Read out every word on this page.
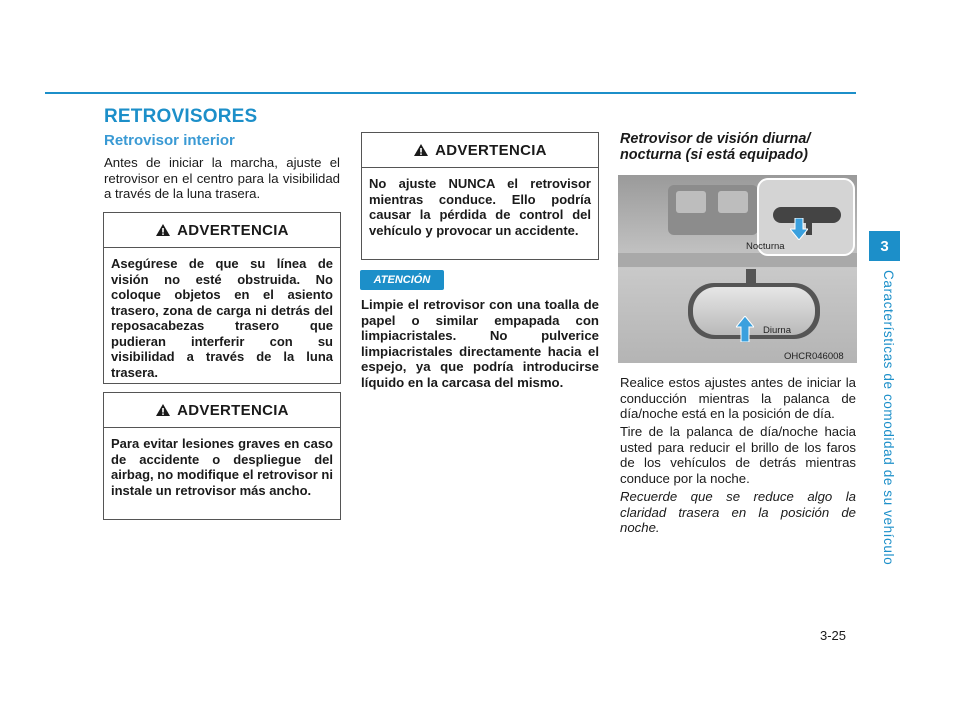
RETROVISORES
Retrovisor interior

Antes de iniciar la marcha, ajuste el retrovisor en el centro para la visibilidad a través de la luna trasera.

ADVERTENCIA
Asegúrese de que su línea de visión no esté obstruida. No coloque objetos en el asiento trasero, zona de carga ni detrás del reposacabezas trasero que pudieran interferir con su visibilidad a través de la luna trasera.
ADVERTENCIA
Para evitar lesiones graves en caso de accidente o despliegue del airbag, no modifique el retrovisor ni instale un retrovisor más ancho.
ADVERTENCIA
No ajuste NUNCA el retrovisor mientras conduce. Ello podría causar la pérdida de control del vehículo y provocar un accidente.
ATENCIÓN

Limpie el retrovisor con una toalla de papel o similar empapada con limpiacristales. No pulverice limpiacristales directamente hacia el espejo, ya que podría introducirse líquido en la carcasa del mismo.

Retrovisor de visión diurna/ nocturna (si está equipado)

Nocturna
Diurna
OHCR046008

Realice estos ajustes antes de iniciar la conducción mientras la palanca de día/noche está en la posición de día.

Tire de la palanca de día/noche hacia usted para reducir el brillo de los faros de los vehículos de detrás mientras conduce por la noche.

Recuerde que se reduce algo la claridad trasera en la posición de noche.

3
Características de comodidad de su vehículo
3-25
